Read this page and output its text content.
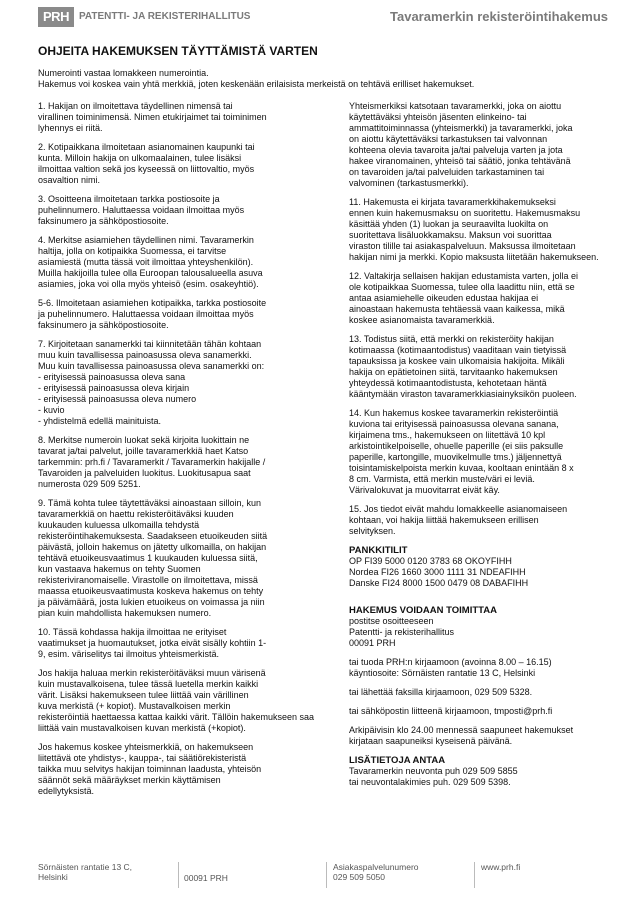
PRH	PATENTTI- JA REKISTERIHALLITUS	Tavaramerkin rekisteröintihakemus
OHJEITA HAKEMUKSEN TÄYTTÄMISTÄ VARTEN
Numerointi vastaa lomakkeen numerointia.
Hakemus voi koskea vain yhtä merkkiä, joten keskenään erilaisista merkeistä on tehtävä erilliset hakemukset.

1. Hakijan on ilmoitettava täydellinen nimensä tai
virallinen toiminimensä. Nimen etukirjaimet tai toiminimen
lyhennys ei riitä.

2. Kotipaikkana ilmoitetaan asianomainen kaupunki tai
kunta. Milloin hakija on ulkomaalainen, tulee lisäksi
ilmoittaa valtion sekä jos kyseessä on liittovaltio, myös
osavaltion nimi.

3. Osoitteena ilmoitetaan tarkka postiosoite ja
puhelinnumero. Haluttaessa voidaan ilmoittaa myös
faksinumero ja sähköpostiosoite.

4. Merkitse asiamiehen täydellinen nimi. Tavaramerkin
haltija, jolla on kotipaikka Suomessa, ei tarvitse
asiamiestä (mutta tässä voit ilmoittaa yhteyshenkilön).
Muilla hakijoilla tulee olla Euroopan talousalueella asuva
asiamies, joka voi olla myös yhteisö (esim. osakeyhtiö).

5-6. Ilmoitetaan asiamiehen kotipaikka, tarkka postiosoite
ja puhelinnumero. Haluttaessa voidaan ilmoittaa myös
faksinumero ja sähköpostiosoite.

7. Kirjoitetaan sanamerkki tai kiinnitetään tähän kohtaan
muu kuin tavallisessa painoasussa oleva sanamerkki.
Muu kuin tavallisessa painoasussa oleva sanamerkki on:
- erityisessä painoasussa oleva sana
- erityisessä painoasussa oleva kirjain
- erityisessä painoasussa oleva numero
- kuvio
- yhdistelmä edellä mainituista.

8. Merkitse numeroin luokat sekä kirjoita luokittain ne
tavarat ja/tai palvelut, joille tavaramerkkiä haet Katso
tarkemmin: prh.fi / Tavaramerkit / Tavaramerkin hakijalle /
Tavaroiden ja palveluiden luokitus. Luokitusapua saat
numerosta 029 509 5251.

9. Tämä kohta tulee täytettäväksi ainoastaan silloin, kun
tavaramerkkiä on haettu rekisteröitäväksi kuuden
kuukauden kuluessa ulkomailla tehdystä
rekisteröintihakemuksesta. Saadakseen etuoikeuden siitä
päivästä, jolloin hakemus on jätetty ulkomailla, on hakijan
tehtävä etuoikeusvaatimus 1 kuukauden kuluessa siitä,
kun vastaava hakemus on tehty Suomen
rekisteriviranomaiselle. Virastolle on ilmoitettava, missä
maassa etuoikeusvaatimusta koskeva hakemus on tehty
ja päivämäärä, josta lukien etuoikeus on voimassa ja niin
pian kuin mahdollista hakemuksen numero.

10. Tässä kohdassa hakija ilmoittaa ne erityiset
vaatimukset ja huomautukset, jotka eivät sisälly kohtiin 1-
9, esim. väriselitys tai ilmoitus yhteismerkistä.

Jos hakija haluaa merkin rekisteröitäväksi muun värisenä
kuin mustavalkoisena, tulee tässä luetella merkin kaikki
värit. Lisäksi hakemukseen tulee liittää vain värillinen
kuva merkistä (+ kopiot). Mustavalkoisen merkin
rekisteröintiä haettaessa kattaa kaikki värit. Tällöin hakemukseen saa
liittää vain mustavalkoisen kuvan merkistä (+kopiot).

Jos hakemus koskee yhteismerkkiä, on hakemukseen
liitettävä ote yhdistys-, kauppa-, tai säätiörekisteristä
taikka muu selvitys hakijan toiminnan laadusta, yhteisön
säännöt sekä määräykset merkin käyttämisen
edellytyksistä.

Yhteismerkiksi katsotaan tavaramerkki, joka on aiottu
käytettäväksi yhteisön jäsenten elinkeino- tai
ammattitoiminnassa (yhteismerkki) ja tavaramerkki, joka
on aiottu käytettäväksi tarkastuksen tai valvonnan
kohteena olevia tavaroita ja/tai palveluja varten ja jota
hakee viranomainen, yhteisö tai säätiö, jonka tehtävänä
on tavaroiden ja/tai palveluiden tarkastaminen tai
valvominen (tarkastusmerkki).

11. Hakemusta ei kirjata tavaramerkkihakemukseksi
ennen kuin hakemusmaksu on suoritettu. Hakemusmaksu
käsittää yhden (1) luokan ja seuraavilta luokilta on
suoritettava lisäluokkamaksu. Maksun voi suorittaa
viraston tilille tai asiakaspalveluun. Maksussa ilmoitetaan
hakijan nimi ja merkki. Kopio maksusta liitetään hakemukseen.

12. Valtakirja sellaisen hakijan edustamista varten, jolla ei
ole kotipaikkaa Suomessa, tulee olla laadittu niin, että se
antaa asiamiehelle oikeuden edustaa hakijaa ei
ainoastaan hakemusta tehtäessä vaan kaikessa, mikä
koskee asianomaista tavaramerkkiä.

13. Todistus siitä, että merkki on rekisteröity hakijan
kotimaassa (kotimaantodistus) vaaditaan vain tietyissä
tapauksissa ja koskee vain ulkomaisia hakijoita. Mikäli
hakija on epätietoinen siitä, tarvitaanko hakemuksen
yhteydessä kotimaantodistusta, kehotetaan häntä
kääntymään viraston tavaramerkkiasiainyksikön puoleen.

14. Kun hakemus koskee tavaramerkin rekisteröintiä
kuviona tai erityisessä painoasussa olevana sanana,
kirjaimena tms., hakemukseen on liitettävä 10 kpl
arkistointikelpoiselle, ohuelle paperille (ei siis paksulle
paperille, kartongille, muovikelmulle tms.) jäljennettyä
toisintamiskelpoista merkin kuvaa, kooltaan enintään 8 x
8 cm. Varmista, että merkin muste/väri ei leviä.
Värivalokuvat ja muovitarrat eivät käy.

15. Jos tiedot eivät mahdu lomakkeelle asianomaiseen
kohtaan, voi hakija liittää hakemukseen erillisen
selvityksen.

PANKKITILIT

OP FI39 5000 0120 3783 68 OKOYFIHH

Nordea FI26 1660 3000 1111 31 NDEAFIHH

Danske FI24 8000 1500 0479 08 DABAFIHH

HAKEMUS VOIDAAN TOIMITTAA

postitse osoitteeseen
Patentti- ja rekisterihallitus
00091 PRH

tai tuoda PRH:n kirjaamoon (avoinna 8.00 – 16.15)
käyntiosoite: Sörnäisten rantatie 13 C, Helsinki

tai lähettää faksilla kirjaamoon, 029 509 5328.

tai sähköpostin liitteenä kirjaamoon, tmposti@prh.fi

Arkipäivisin klo 24.00 mennessä saapuneet hakemukset
kirjataan saapuneiksi kyseisenä päivänä.

LISÄTIETOJA ANTAA

Tavaramerkin neuvonta puh 029 509 5855

tai neuvontalakimies puh. 029 509 5398.

Sörnäisten rantatie 13 C,
Helsinki	00091 PRH
Asiakaspalvelunumero
029 509 5050
www.prh.fi
